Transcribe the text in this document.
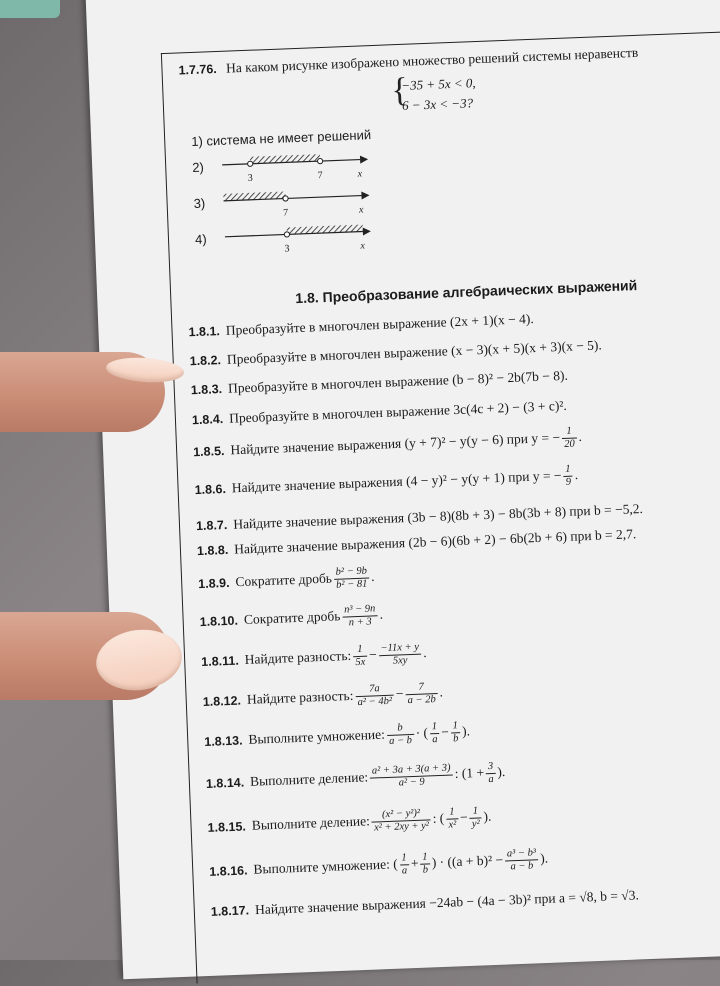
1.7.76. На каком рисунке изображено множество решений системы неравенств
{
−35 + 5x < 0,
6 − 3x < −3?
1) система не имеет решений
2)
3	7	x
3)
7	x
4)
3	x
1.8. Преобразование алгебраических выражений
1.8.1. Преобразуйте в многочлен выражение (2x + 1)(x − 4).
1.8.2. Преобразуйте в многочлен выражение (x − 3)(x + 5)(x + 3)(x − 5).
1.8.3. Преобразуйте в многочлен выражение (b − 8)² − 2b(7b − 8).
1.8.4. Преобразуйте в многочлен выражение 3c(4c + 2) − (3 + c)².
1.8.5. Найдите значение выражения (y + 7)² − y(y − 6) при y = − $\frac{1}{20}$ .
1.8.6. Найдите значение выражения (4 − y)² − y(y + 1) при y = − $\frac{1}{9}$ .
1.8.7. Найдите значение выражения (3b − 8)(8b + 3) − 8b(3b + 8) при b = −5,2.
1.8.8. Найдите значение выражения (2b − 6)(6b + 2) − 6b(2b + 6) при b = 2,7.
1.8.9. Сократите дробь $\frac{\text{b² − 9b}}{\text{b² − 81}}$ .
1.8.10. Сократите дробь $\frac{\text{n³ − 9n}}{n + 3}$ .
1.8.11. Найдите разность: $\frac{1}{5x} - \frac{-11x + y}{5xy}$ .
1.8.12. Найдите разность: $\frac{7a}{\text{a² − 4b²}} - \frac{7}{a - 2b}$ .
1.8.13. Выполните умножение: $\frac{b}{a - b}$ · ( $\frac{1}{a} - \frac{1}{b}$ ).
1.8.14. Выполните деление: $\frac{\text{a² + 3a + 3(a + 3)}}{\text{a² − 9}}$ : ($1 + \frac{3}{a}$ ).
1.8.15. Выполните деление: $\frac{\text{(x² − y²)²}}{\text{x² + 2xy + y²}}$ : ( $\frac{1}{\text{x²}} - \frac{1}{\text{y²}}$ ).
1.8.16. Выполните умножение: ( $\frac{1}{a} + \frac{1}{b}$ ) · ($(a + b)^2 - \frac{\text{a³ − b³}}{a - b}$ ).
1.8.17. Найдите значение выражения −24ab − (4a − 3b)² при a = √8, b = √3.
